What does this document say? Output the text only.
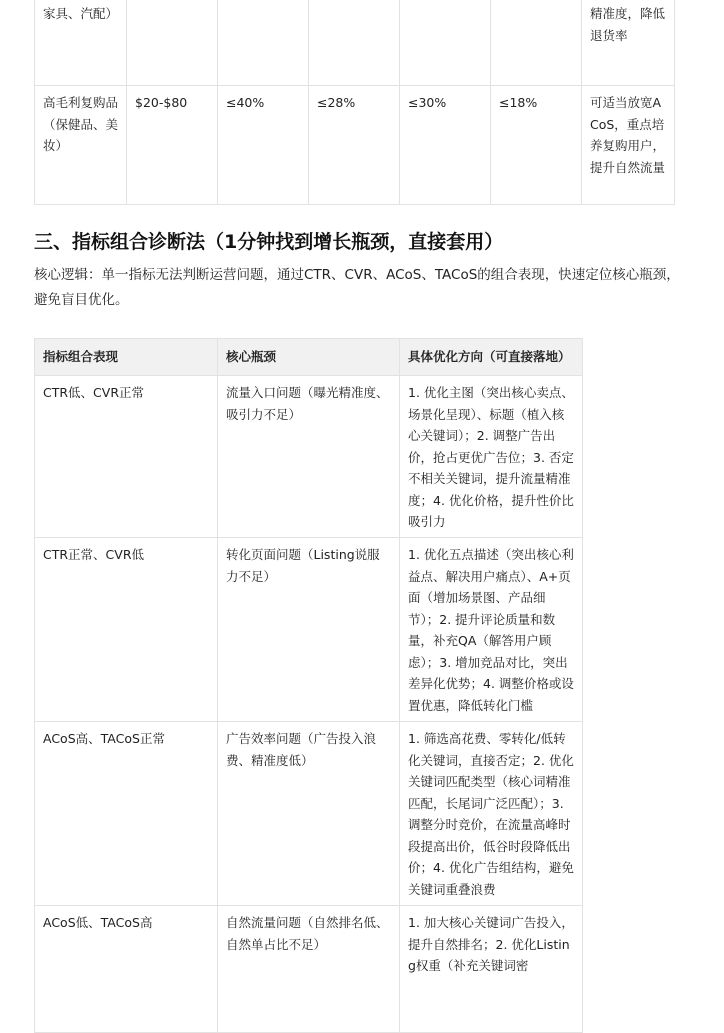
家具、汽配）						精准度，降低退货率
高毛利复购品（保健品、美妆）	$20-$80	≤40%	≤28%	≤30%	≤18%	可适当放宽ACoS，重点培养复购用户，提升自然流量
三、指标组合诊断法（1分钟找到增长瓶颈，直接套用）

核心逻辑：单一指标无法判断运营问题，通过CTR、CVR、ACoS、TACoS的组合表现，快速定位核心瓶颈，避免盲目优化。

指标组合表现	核心瓶颈	具体优化方向（可直接落地）
CTR低、CVR正常	流量入口问题（曝光精准度、吸引力不足）	1. 优化主图（突出核心卖点、场景化呈现）、标题（植入核心关键词）；2. 调整广告出价，抢占更优广告位；3. 否定不相关关键词，提升流量精准度；4. 优化价格，提升性价比吸引力
CTR正常、CVR低	转化页面问题（Listing说服力不足）	1. 优化五点描述（突出核心利益点、解决用户痛点）、A+页面（增加场景图、产品细节）；2. 提升评论质量和数量，补充QA（解答用户顾虑）；3. 增加竞品对比，突出差异化优势；4. 调整价格或设置优惠，降低转化门槛
ACoS高、TACoS正常	广告效率问题（广告投入浪费、精准度低）	1. 筛选高花费、零转化/低转化关键词，直接否定；2. 优化关键词匹配类型（核心词精准匹配，长尾词广泛匹配）；3. 调整分时竞价，在流量高峰时段提高出价，低谷时段降低出价；4. 优化广告组结构，避免关键词重叠浪费
ACoS低、TACoS高	自然流量问题（自然排名低、自然单占比不足）	1. 加大核心关键词广告投入，提升自然排名；2. 优化Listing权重（补充关键词密
